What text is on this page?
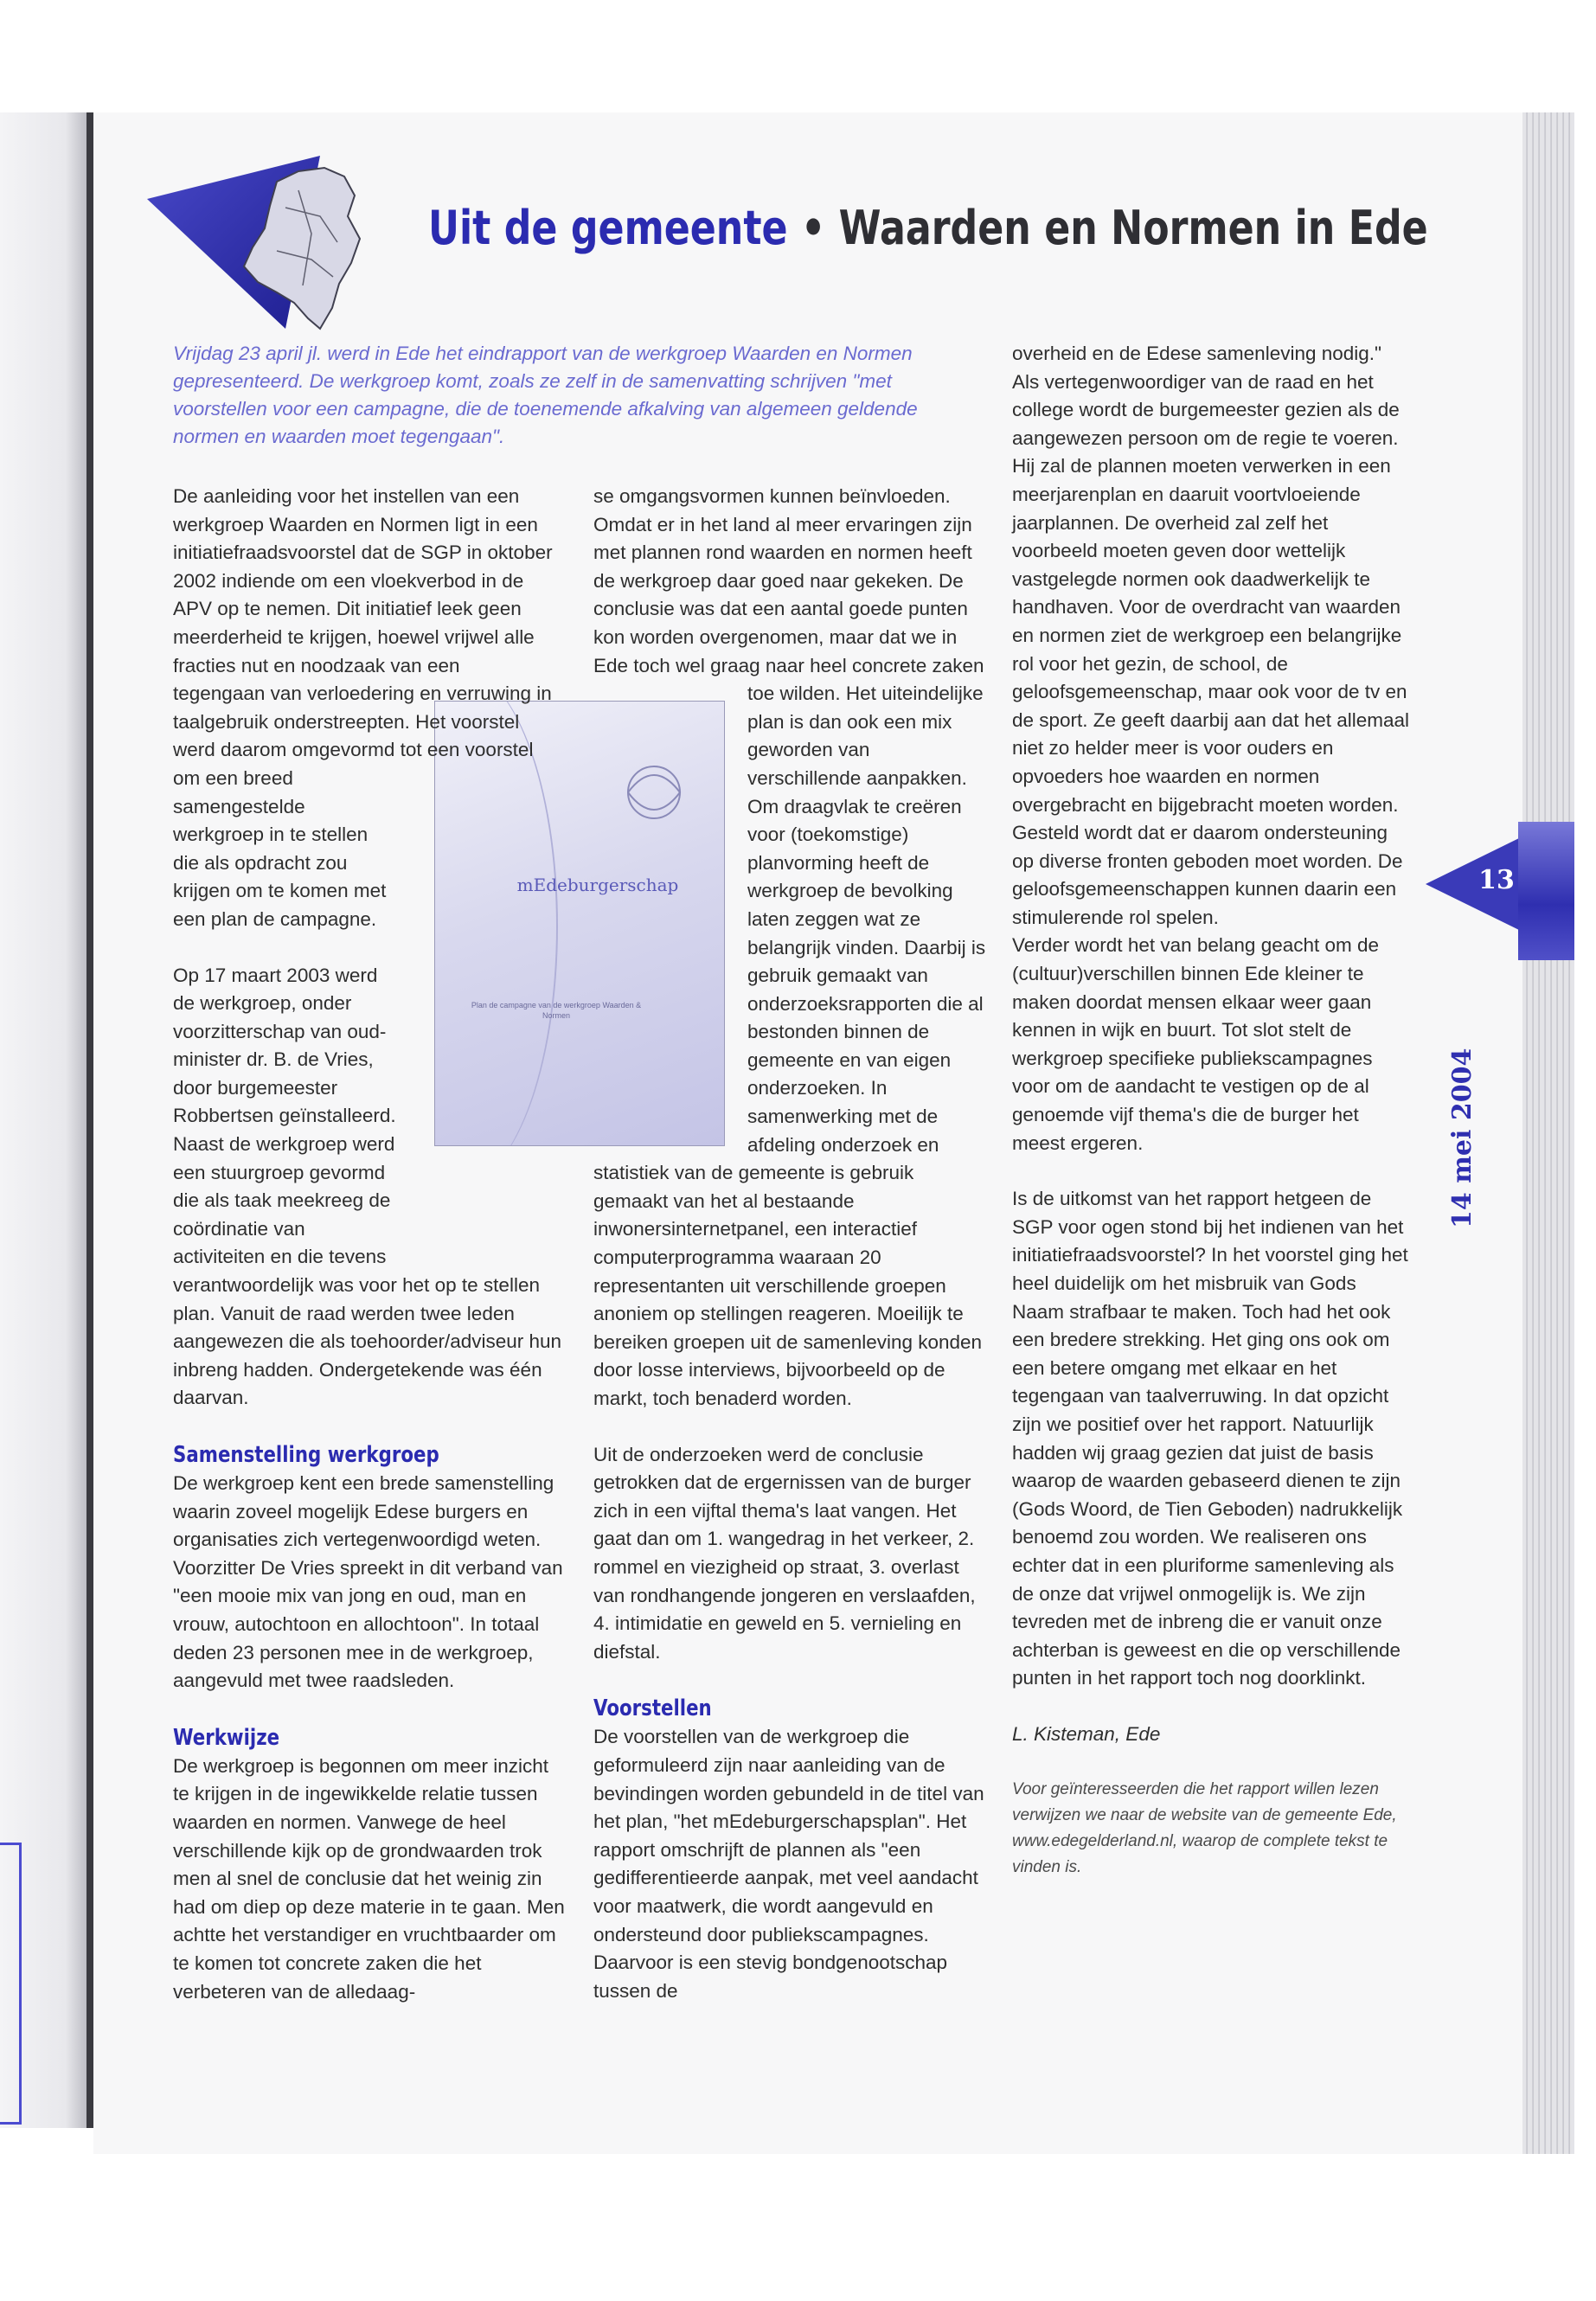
13
14 mei 2004
Uit de gemeente • Waarden en Normen in Ede
Vrijdag 23 april jl. werd in Ede het eindrapport van de werkgroep Waarden en Normen gepresenteerd. De werkgroep komt, zoals ze zelf in de samenvatting schrijven "met voorstellen voor een campagne, die de toenemende afkalving van algemeen geldende normen en waarden moet tegengaan".
mEdeburgerschap
Plan de campagne van de werkgroep Waarden & Normen

De aanleiding voor het instellen van een werkgroep Waarden en Normen ligt in een initiatiefraadsvoorstel dat de SGP in oktober 2002 indiende om een vloekverbod in de APV op te nemen. Dit initiatief leek geen meerderheid te krijgen, hoewel vrijwel alle fracties nut en noodzaak van een tegengaan van verloedering en verruwing in taalgebruik onderstreepten. Het voorstel werd daarom omgevormd tot een voorstel om een breed samengestelde werkgroep in te stellen die als opdracht zou krijgen om te komen met een plan de campagne.

Op 17 maart 2003 werd de werkgroep, onder voorzitterschap van oud-minister dr. B. de Vries, door burgemeester Robbertsen geïnstalleerd. Naast de werkgroep werd een stuurgroep gevormd die als taak meekreeg de coördinatie van activiteiten en die tevens verantwoordelijk was voor het op te stellen plan. Vanuit de raad werden twee leden aangewezen die als toehoorder/adviseur hun inbreng hadden. Ondergetekende was één daarvan.

Samenstelling werkgroep

De werkgroep kent een brede samenstelling waarin zoveel mogelijk Edese burgers en organisaties zich vertegenwoordigd weten. Voorzitter De Vries spreekt in dit verband van "een mooie mix van jong en oud, man en vrouw, autochtoon en allochtoon". In totaal deden 23 personen mee in de werkgroep, aangevuld met twee raadsleden.

Werkwijze

De werkgroep is begonnen om meer inzicht te krijgen in de ingewikkelde relatie tussen waarden en normen. Vanwege de heel verschillende kijk op de grondwaarden trok men al snel de conclusie dat het weinig zin had om diep op deze materie in te gaan. Men achtte het verstandiger en vruchtbaarder om te komen tot concrete zaken die het verbeteren van de alledaag-

se omgangsvormen kunnen beïnvloeden. Omdat er in het land al meer ervaringen zijn met plannen rond waarden en normen heeft de werkgroep daar goed naar gekeken. De conclusie was dat een aantal goede punten kon worden overgenomen, maar dat we in Ede toch wel graag naar heel concrete zaken toe wilden. Het uiteindelijke plan is dan ook een mix geworden van verschillende aanpakken. Om draagvlak te creëren voor (toekomstige) planvorming heeft de werkgroep de bevolking laten zeggen wat ze belangrijk vinden. Daarbij is gebruik gemaakt van onderzoeksrapporten die al bestonden binnen de gemeente en van eigen onderzoeken. In samenwerking met de afdeling onderzoek en statistiek van de gemeente is gebruik gemaakt van het al bestaande inwonersinternetpanel, een interactief computerprogramma waaraan 20 representanten uit verschillende groepen anoniem op stellingen reageren. Moeilijk te bereiken groepen uit de samenleving konden door losse interviews, bijvoorbeeld op de markt, toch benaderd worden.

Uit de onderzoeken werd de conclusie getrokken dat de ergernissen van de burger zich in een vijftal thema's laat vangen. Het gaat dan om 1. wangedrag in het verkeer, 2. rommel en viezigheid op straat, 3. overlast van rondhangende jongeren en verslaafden, 4. intimidatie en geweld en 5. vernieling en diefstal.

Voorstellen

De voorstellen van de werkgroep die geformuleerd zijn naar aanleiding van de bevindingen worden gebundeld in de titel van het plan, "het mEdeburgerschapsplan". Het rapport omschrijft de plannen als "een gedifferentieerde aanpak, met veel aandacht voor maatwerk, die wordt aangevuld en ondersteund door publiekscampagnes. Daarvoor is een stevig bondgenootschap tussen de

overheid en de Edese samenleving nodig." Als vertegenwoordiger van de raad en het college wordt de burgemeester gezien als de aangewezen persoon om de regie te voeren. Hij zal de plannen moeten verwerken in een meerjarenplan en daaruit voortvloeiende jaarplannen. De overheid zal zelf het voorbeeld moeten geven door wettelijk vastgelegde normen ook daadwerkelijk te handhaven. Voor de overdracht van waarden en normen ziet de werkgroep een belangrijke rol voor het gezin, de school, de geloofsgemeenschap, maar ook voor de tv en de sport. Ze geeft daarbij aan dat het allemaal niet zo helder meer is voor ouders en opvoeders hoe waarden en normen overgebracht en bijgebracht moeten worden. Gesteld wordt dat er daarom ondersteuning op diverse fronten geboden moet worden. De geloofsgemeenschappen kunnen daarin een stimulerende rol spelen.

Verder wordt het van belang geacht om de (cultuur)verschillen binnen Ede kleiner te maken doordat mensen elkaar weer gaan kennen in wijk en buurt. Tot slot stelt de werkgroep specifieke publiekscampagnes voor om de aandacht te vestigen op de al genoemde vijf thema's die de burger het meest ergeren.

Is de uitkomst van het rapport hetgeen de SGP voor ogen stond bij het indienen van het initiatiefraadsvoorstel? In het voorstel ging het heel duidelijk om het misbruik van Gods Naam strafbaar te maken. Toch had het ook een bredere strekking. Het ging ons ook om een betere omgang met elkaar en het tegengaan van taalverruwing. In dat opzicht zijn we positief over het rapport. Natuurlijk hadden wij graag gezien dat juist de basis waarop de waarden gebaseerd dienen te zijn (Gods Woord, de Tien Geboden) nadrukkelijk benoemd zou worden. We realiseren ons echter dat in een pluriforme samenleving als de onze dat vrijwel onmogelijk is. We zijn tevreden met de inbreng die er vanuit onze achterban is geweest en die op verschillende punten in het rapport toch nog doorklinkt.

L. Kisteman, Ede

Voor geïnteresseerden die het rapport willen lezen verwijzen we naar de website van de gemeente Ede, www.edegelderland.nl, waarop de complete tekst te vinden is.
